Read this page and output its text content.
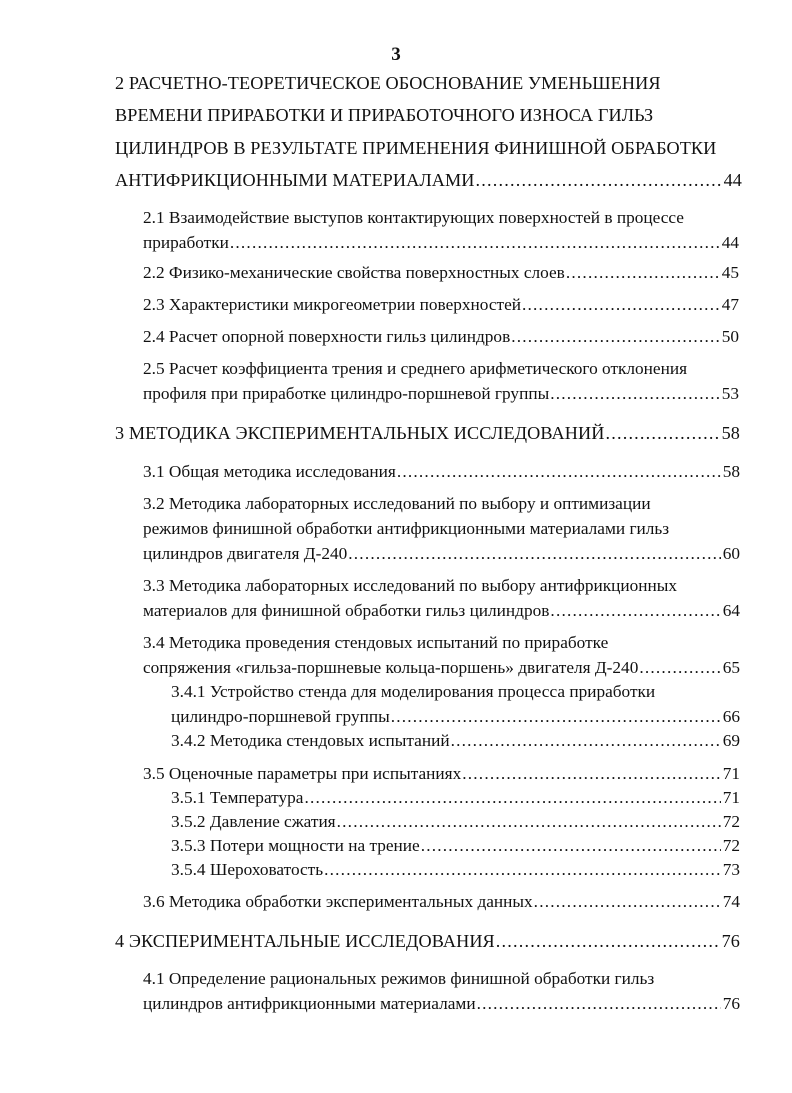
3
2 РАСЧЕТНО-ТЕОРЕТИЧЕСКОЕ ОБОСНОВАНИЕ УМЕНЬШЕНИЯ
ВРЕМЕНИ ПРИРАБОТКИ И ПРИРАБОТОЧНОГО ИЗНОСА ГИЛЬЗ
ЦИЛИНДРОВ В РЕЗУЛЬТАТЕ ПРИМЕНЕНИЯ ФИНИШНОЙ ОБРАБОТКИ
АНТИФРИКЦИОННЫМИ МАТЕРИАЛАМИ .....	44
2.1 Взаимодействие выступов контактирующих поверхностей в процессе
приработки .....	44
2.2 Физико-механические свойства поверхностных слоев .....	45
2.3 Характеристики микрогеометрии поверхностей .....	47
2.4 Расчет опорной поверхности гильз цилиндров .....	50
2.5 Расчет коэффициента трения и среднего арифметического отклонения
профиля при приработке цилиндро-поршневой группы .....	53
3 МЕТОДИКА ЭКСПЕРИМЕНТАЛЬНЫХ ИССЛЕДОВАНИЙ .....	58
3.1 Общая методика исследования .....	58
3.2 Методика лабораторных исследований по выбору и оптимизации
режимов финишной обработки антифрикционными материалами гильз
цилиндров двигателя Д-240 .....	60
3.3 Методика лабораторных исследований по выбору антифрикционных
материалов для финишной обработки гильз цилиндров .....	64
3.4 Методика проведения стендовых испытаний по приработке
сопряжения «гильза-поршневые кольца-поршень» двигателя Д-240 .....	65
3.4.1 Устройство стенда для моделирования процесса приработки
цилиндро-поршневой группы .....	66
3.4.2 Методика стендовых испытаний .....	69
3.5 Оценочные параметры при испытаниях .....	71
3.5.1 Температура .....	71
3.5.2 Давление сжатия .....	72
3.5.3 Потери мощности на трение .....	72
3.5.4 Шероховатость .....	73
3.6 Методика обработки экспериментальных данных .....	74
4 ЭКСПЕРИМЕНТАЛЬНЫЕ ИССЛЕДОВАНИЯ .....	76
4.1 Определение рациональных режимов финишной обработки гильз
цилиндров антифрикционными материалами .....	76
